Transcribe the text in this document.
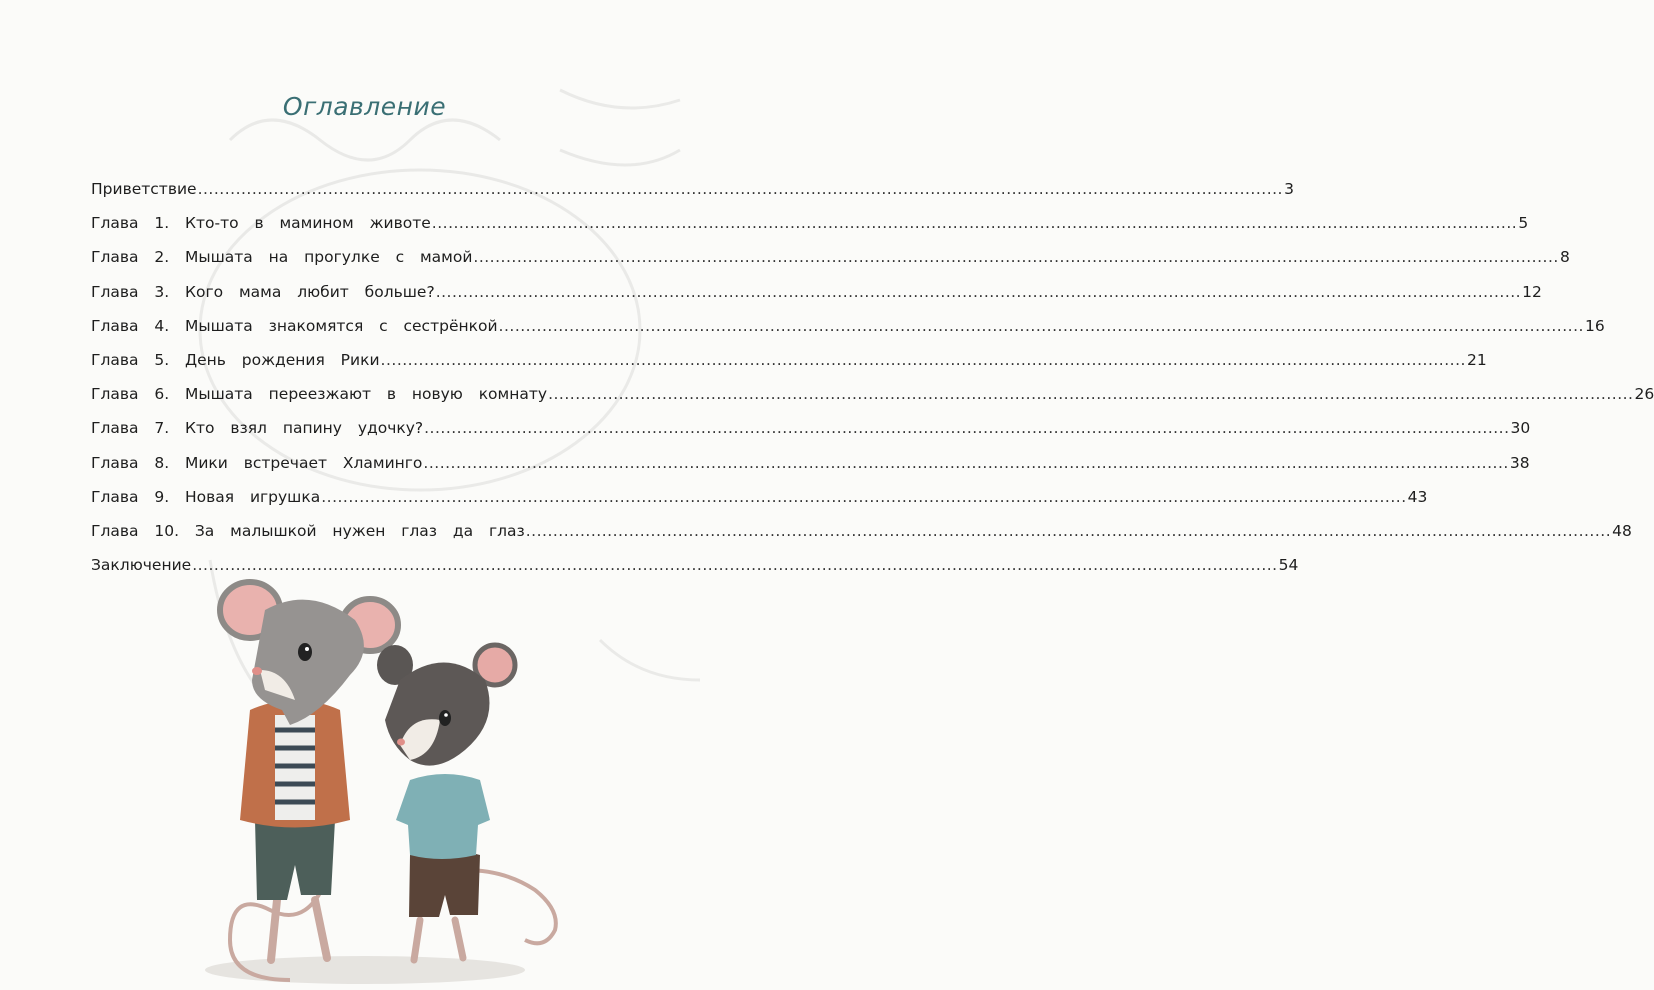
Оглавление
Приветствие ........................................................................................................................................................................................................ 3
Глава  1.  Кто-то  в  мамином  животе ........................................................................................................................................................................................................ 5
Глава  2.  Мышата  на  прогулке  с  мамой ........................................................................................................................................................................................................ 8
Глава  3.  Кого  мама  любит  больше? ........................................................................................................................................................................................................ 12
Глава  4.  Мышата  знакомятся  с  сестрёнкой ........................................................................................................................................................................................................ 16
Глава  5.  День  рождения  Рики ........................................................................................................................................................................................................ 21
Глава  6.  Мышата  переезжают  в  новую  комнату ........................................................................................................................................................................................................ 26
Глава  7.  Кто  взял  папину  удочку? ........................................................................................................................................................................................................ 30
Глава  8.  Мики  встречает  Хламинго ........................................................................................................................................................................................................ 38
Глава  9.  Новая  игрушка ........................................................................................................................................................................................................ 43
Глава  10.  За  малышкой  нужен  глаз  да  глаз ........................................................................................................................................................................................................ 48
Заключение ........................................................................................................................................................................................................ 54
